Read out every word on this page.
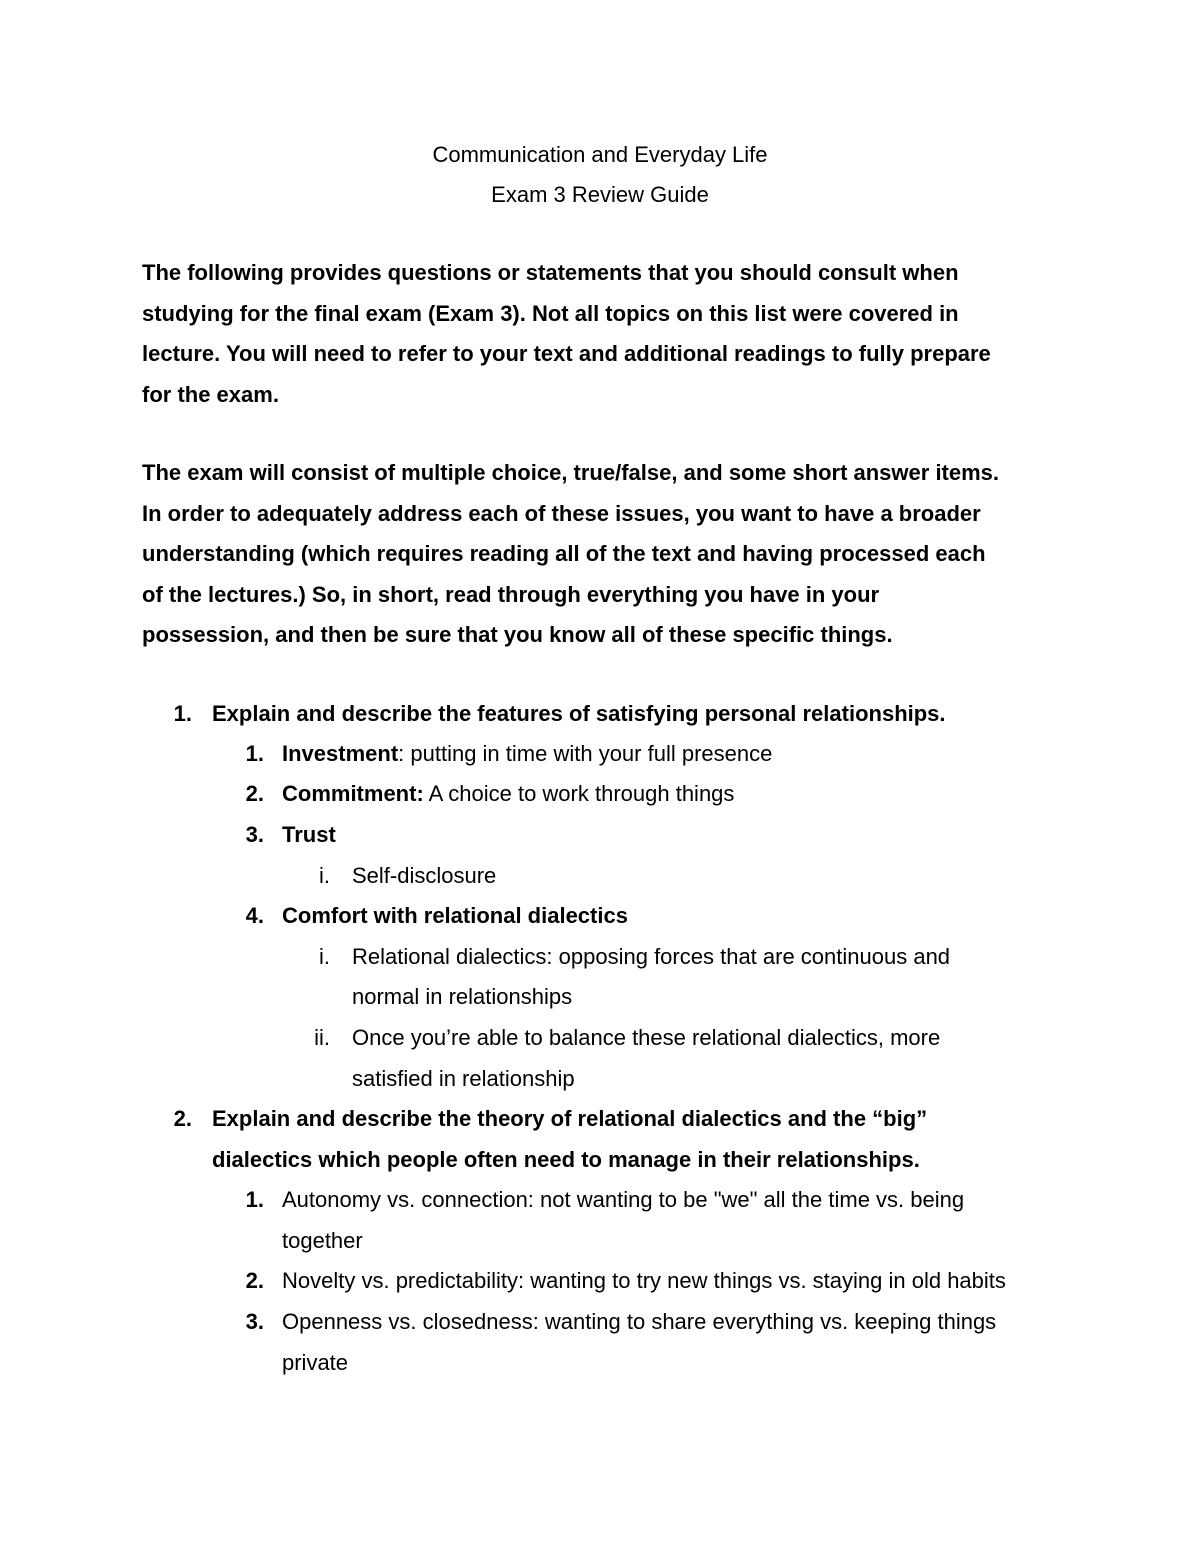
Communication and Everyday Life
Exam 3 Review Guide
The following provides questions or statements that you should consult when
studying for the final exam (Exam 3). Not all topics on this list were covered in
lecture. You will need to refer to your text and additional readings to fully prepare
for the exam.
The exam will consist of multiple choice, true/false, and some short answer items.
In order to adequately address each of these issues, you want to have a broader
understanding (which requires reading all of the text and having processed each
of the lectures.) So, in short, read through everything you have in your
possession, and then be sure that you know all of these specific things.
1. Explain and describe the features of satisfying personal relationships.
1. Investment: putting in time with your full presence
2. Commitment: A choice to work through things
3. Trust
i. Self-disclosure
4. Comfort with relational dialectics
i. Relational dialectics: opposing forces that are continuous and
normal in relationships
ii. Once you’re able to balance these relational dialectics, more
satisfied in relationship
2. Explain and describe the theory of relational dialectics and the “big”
dialectics which people often need to manage in their relationships.
1. Autonomy vs. connection: not wanting to be "we" all the time vs. being
together
2. Novelty vs. predictability: wanting to try new things vs. staying in old habits
3. Openness vs. closedness: wanting to share everything vs. keeping things
private
